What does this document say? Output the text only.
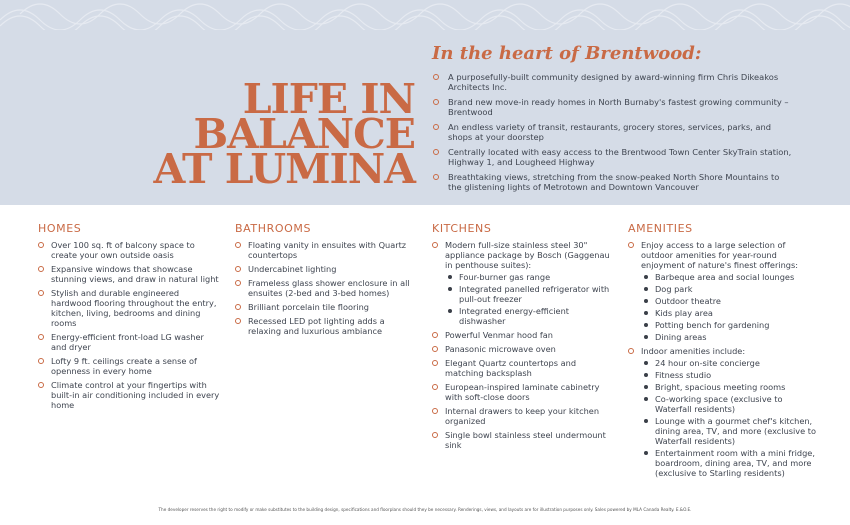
LIFE IN
BALANCE
AT LUMINA
In the heart of Brentwood:
A purposefully-built community designed by award-winning firm Chris Dikeakos Architects Inc.
Brand new move-in ready homes in North Burnaby's fastest growing community – Brentwood
An endless variety of transit, restaurants, grocery stores, services, parks, and shops at your doorstep
Centrally located with easy access to the Brentwood Town Center SkyTrain station, Highway 1, and Lougheed Highway
Breathtaking views, stretching from the snow-peaked North Shore Mountains to the glistening lights of Metrotown and Downtown Vancouver
HOMES
Over 100 sq. ft of balcony space to create your own outside oasis
Expansive windows that showcase stunning views, and draw in natural light
Stylish and durable engineered hardwood flooring throughout the entry, kitchen, living, bedrooms and dining rooms
Energy-efficient front-load LG washer and dryer
Lofty 9 ft. ceilings create a sense of openness in every home
Climate control at your fingertips with built-in air conditioning included in every home
BATHROOMS
Floating vanity in ensuites with Quartz countertops
Undercabinet lighting
Frameless glass shower enclosure in all ensuites (2-bed and 3-bed homes)
Brilliant porcelain tile flooring
Recessed LED pot lighting adds a relaxing and luxurious ambiance
KITCHENS
Modern full-size stainless steel 30" appliance package by Bosch (Gaggenau in penthouse suites):
Four-burner gas range
Integrated panelled refrigerator with pull-out freezer
Integrated energy-efficient dishwasher
Powerful Venmar hood fan
Panasonic microwave oven
Elegant Quartz countertops and matching backsplash
European-inspired laminate cabinetry with soft-close doors
Internal drawers to keep your kitchen organized
Single bowl stainless steel undermount sink
AMENITIES
Enjoy access to a large selection of outdoor amenities for year-round enjoyment of nature's finest offerings:
Barbeque area and social lounges
Dog park
Outdoor theatre
Kids play area
Potting bench for gardening
Dining areas
Indoor amenities include:
24 hour on-site concierge
Fitness studio
Bright, spacious meeting rooms
Co-working space (exclusive to Waterfall residents)
Lounge with a gourmet chef's kitchen, dining area, TV, and more (exclusive to Waterfall residents)
Entertainment room with a mini fridge, boardroom, dining area, TV, and more (exclusive to Starling residents)

The developer reserves the right to modify or make substitutes to the building design, specifications and floorplans should they be necessary. Renderings, views, and layouts are for illustration purposes only. Sales powered by MLA Canada Realty. E.&O.E.
